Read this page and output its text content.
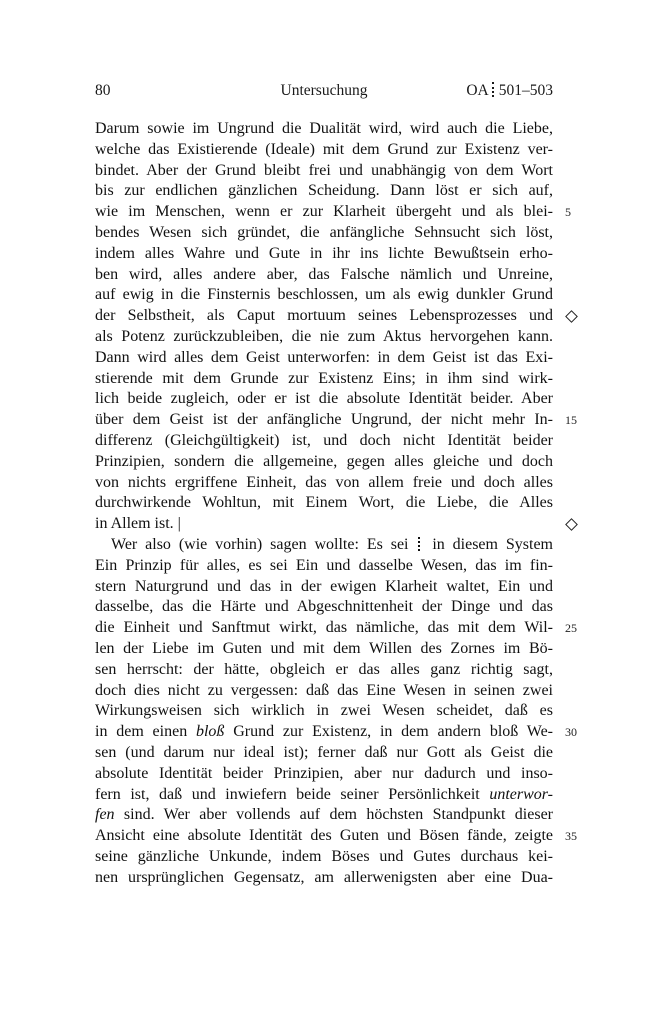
80	Untersuchung	OA 501–503
Darum sowie im Ungrund die Dualität wird, wird auch die Liebe,
welche das Existierende (Ideale) mit dem Grund zur Existenz ver-
bindet. Aber der Grund bleibt frei und unabhängig von dem Wort
bis zur endlichen gänzlichen Scheidung. Dann löst er sich auf,
wie im Menschen, wenn er zur Klarheit übergeht und als blei-
bendes Wesen sich gründet, die anfängliche Sehnsucht sich löst,
indem alles Wahre und Gute in ihr ins lichte Bewußtsein erho-
ben wird, alles andere aber, das Falsche nämlich und Unreine,
auf ewig in die Finsternis beschlossen, um als ewig dunkler Grund
der Selbstheit, als Caput mortuum seines Lebensprozesses und
als Potenz zurückzubleiben, die nie zum Aktus hervorgehen kann.
Dann wird alles dem Geist unterworfen: in dem Geist ist das Exi-
stierende mit dem Grunde zur Existenz Eins; in ihm sind wirk-
lich beide zugleich, oder er ist die absolute Identität beider. Aber
über dem Geist ist der anfängliche Ungrund, der nicht mehr In-
differenz (Gleichgültigkeit) ist, und doch nicht Identität beider
Prinzipien, sondern die allgemeine, gegen alles gleiche und doch
von nichts ergriffene Einheit, das von allem freie und doch alles
durchwirkende Wohltun, mit Einem Wort, die Liebe, die Alles
in Allem ist. |
Wer also (wie vorhin) sagen wollte: Es sei in diesem System
Ein Prinzip für alles, es sei Ein und dasselbe Wesen, das im fin-
stern Naturgrund und das in der ewigen Klarheit waltet, Ein und
dasselbe, das die Härte und Abgeschnittenheit der Dinge und das
die Einheit und Sanftmut wirkt, das nämliche, das mit dem Wil-
len der Liebe im Guten und mit dem Willen des Zornes im Bö-
sen herrscht: der hätte, obgleich er das alles ganz richtig sagt,
doch dies nicht zu vergessen: daß das Eine Wesen in seinen zwei
Wirkungsweisen sich wirklich in zwei Wesen scheidet, daß es
in dem einen bloß Grund zur Existenz, in dem andern bloß We-
sen (und darum nur ideal ist); ferner daß nur Gott als Geist die
absolute Identität beider Prinzipien, aber nur dadurch und inso-
fern ist, daß und inwiefern beide seiner Persönlichkeit unterwor-
fen sind. Wer aber vollends auf dem höchsten Standpunkt dieser
Ansicht eine absolute Identität des Guten und Bösen fände, zeigte
seine gänzliche Unkunde, indem Böses und Gutes durchaus kei-
nen ursprünglichen Gegensatz, am allerwenigsten aber eine Dua-
5
15
25
30
35
